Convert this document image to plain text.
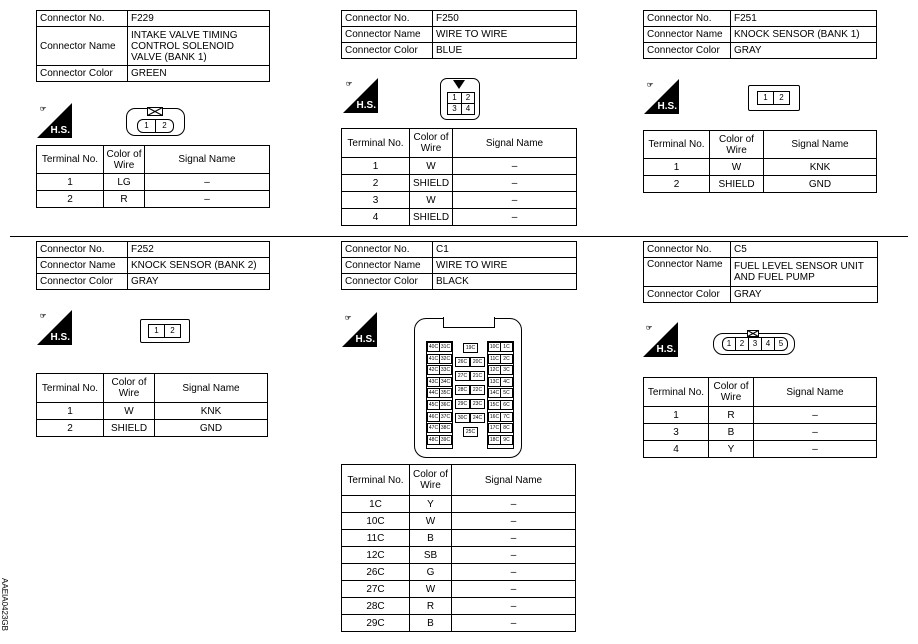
Connector No.	F229
Connector Name	INTAKE VALVE TIMING CONTROL SOLENOID VALVE (BANK 1)
Connector Color	GREEN
☞
H.S.	1	2
Terminal No.	Color of Wire	Signal Name
1	LG	–
2	R	–
Connector No.	F250
Connector Name	WIRE TO WIRE
Connector Color	BLUE
☞
H.S.
1	2
3	4
Terminal No.	Color of Wire	Signal Name
1	W	–
2	SHIELD	–
3	W	–
4	SHIELD	–
Connector No.	F251
Connector Name	KNOCK SENSOR (BANK 1)
Connector Color	GRAY
☞
H.S.
1	2
Terminal No.	Color of Wire	Signal Name
1	W	KNK
2	SHIELD	GND
Connector No.	F252
Connector Name	KNOCK SENSOR (BANK 2)
Connector Color	GRAY
☞
H.S.
1	2
Terminal No.	Color of Wire	Signal Name
1	W	KNK
2	SHIELD	GND
Connector No.	C1
Connector Name	WIRE TO WIRE
Connector Color	BLACK
☞
H.S.
40C 31C
41C 32C
42C 33C
43C 34C
44C 35C
45C 36C
46C 37C
47C 38C
48C 39C
19C
26C	20C
27C	21C
28C	22C
29C	23C
30C	24C
25C
10C 1C
11C 2C
12C 3C
13C 4C
14C 5C
15C 6C
16C 7C
17C 8C
18C 9C
Terminal No.	Color of Wire	Signal Name
1C	Y	–
10C	W	–
11C	B	–
12C	SB	–
26C	G	–
27C	W	–
28C	R	–
29C	B	–
Connector No.	C5
Connector Name	FUEL LEVEL SENSOR UNIT AND FUEL PUMP
Connector Color	GRAY
☞
H.S.
1	2	3	4	5
Terminal No.	Color of Wire	Signal Name
1	R	–
3	B	–
4	Y	–
AAEIA0423GB
